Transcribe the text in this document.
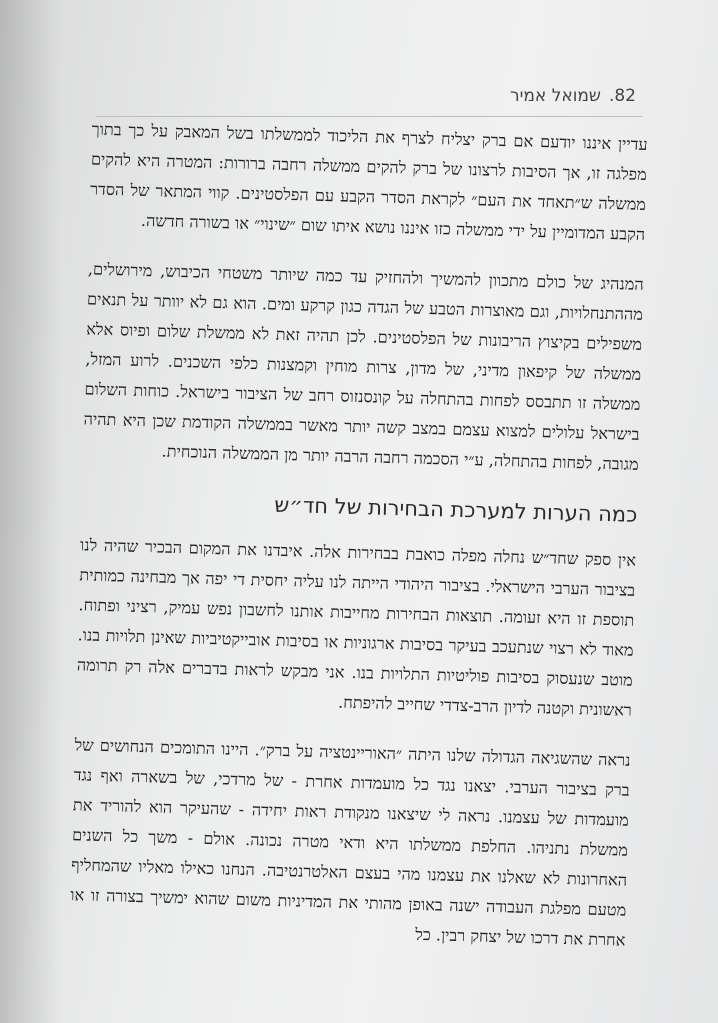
82.
שמואל אמיר

עדיין איננו יודעם אם ברק יצליח לצרף את הליכוד לממשלתו בשל המאבק על כך בתוך מפלגה זו, אך הסיבות לרצונו של ברק להקים ממשלה רחבה ברורות: המטרה היא להקים ממשלה ש״תאחד את העם״ לקראת הסדר הקבע עם הפלסטינים. קווי המתאר של הסדר הקבע המדומיין על ידי ממשלה כזו איננו נושא איתו שום ״שינוי״ או בשורה חדשה.

המנהיג של כולם מתכוון להמשיך ולהחזיק עד כמה שיותר משטחי הכיבוש, מירושלים, מההתנחלויות, וגם מאוצרות הטבע של הגדה כגון קרקע ומים. הוא גם לא יוותר על תנאים משפילים בקיצוץ הריבונות של הפלסטינים. לכן תהיה זאת לא ממשלת שלום ופיוס אלא ממשלה של קיפאון מדיני, של מדון, צרות מוחין וקמצנות כלפי השכנים. לרוע המזל, ממשלה זו תתבסס לפחות בהתחלה על קונסנזוס רחב של הציבור בישראל. כוחות השלום בישראל עלולים למצוא עצמם במצב קשה יותר מאשר בממשלה הקודמת שכן היא תהיה מגובה, לפחות בהתחלה, ע״י הסכמה רחבה הרבה יותר מן הממשלה הנוכחית.

כמה הערות למערכת הבחירות של חד״ש

אין ספק שחד״ש נחלה מפלה כואבת בבחירות אלה. איבדנו את המקום הבכיר שהיה לנו בציבור הערבי הישראלי. בציבור היהודי הייתה לנו עליה יחסית די יפה אך מבחינה כמותית תוספת זו היא זעומה. תוצאות הבחירות מחייבות אותנו לחשבון נפש עמיק, רציני ופתוח. מאוד לא רצוי שנתעכב בעיקר בסיבות ארגוניות או בסיבות אובייקטיביות שאינן תלויות בנו. מוטב שנעסוק בסיבות פוליטיות התלויות בנו. אני מבקש לראות בדברים אלה רק תרומה ראשונית וקטנה לדיון הרב-צדדי שחייב להיפתח.

נראה שהשגיאה הגדולה שלנו היתה ״האוריינטציה על ברק״. היינו התומכים הנחושים של ברק בציבור הערבי. יצאנו נגד כל מועמדות אחרת - של מרדכי, של בשארה ואף נגד מועמדות של עצמנו. נראה לי שיצאנו מנקודת ראות יחידה - שהעיקר הוא להוריד את ממשלת נתניהו. החלפת ממשלתו היא ודאי מטרה נכונה. אולם - משך כל השנים האחרונות לא שאלנו את עצמנו מהי בעצם האלטרנטיבה. הנחנו כאילו מאליו שהמחליף מטעם מפלגת העבודה ישנה באופן מהותי את המדיניות משום שהוא ימשיך בצורה זו או אחרת את דרכו של יצחק רבין. כל
